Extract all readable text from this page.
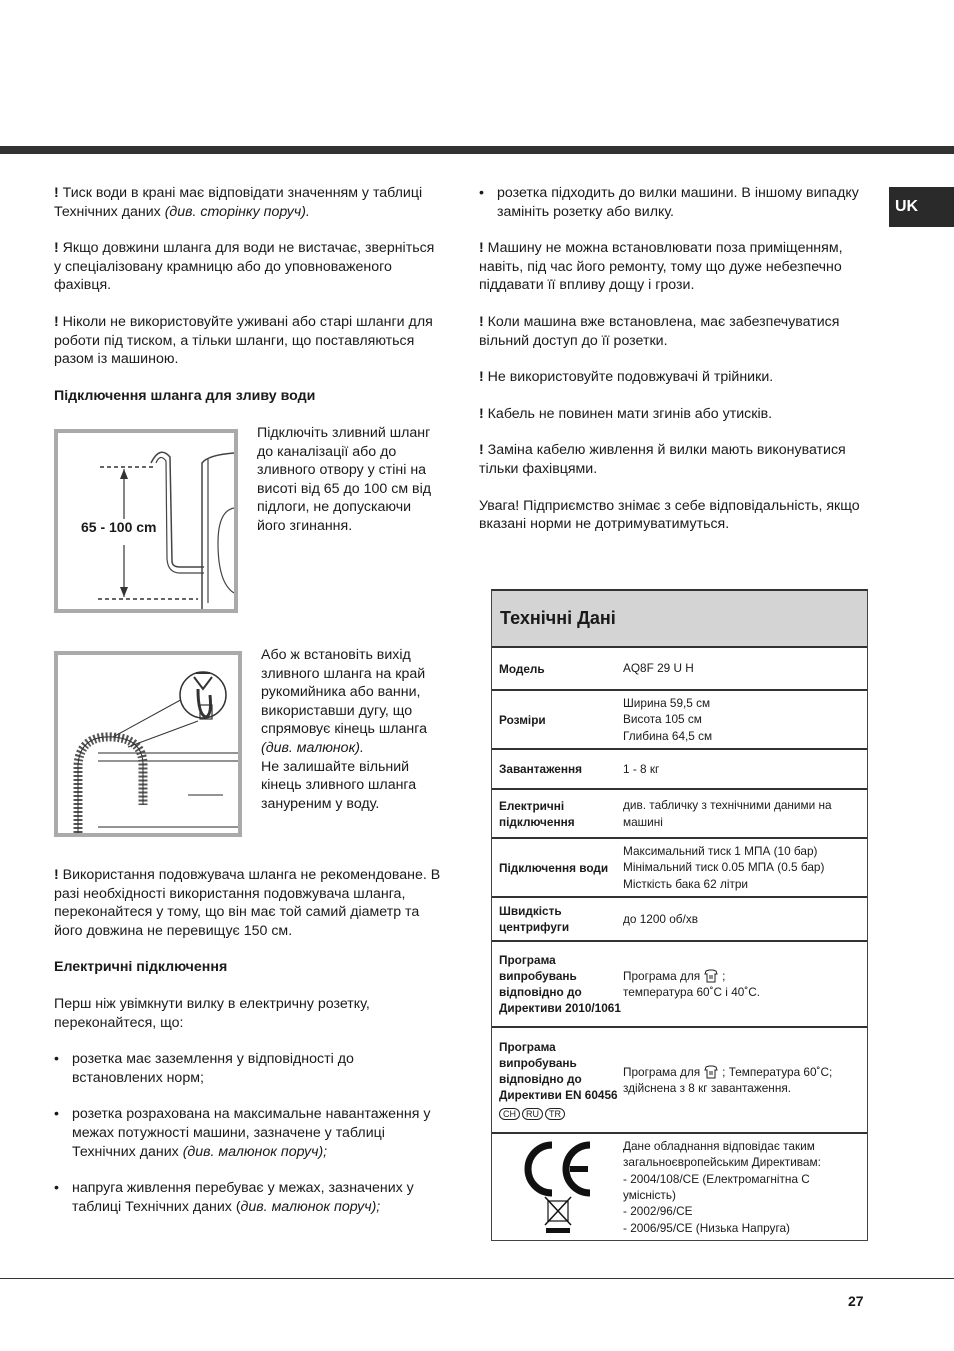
UK

! Тиск води в крані має відповідати значенням у таблиці Технічних даних (див. сторінку поруч).

! Якщо довжини шланга для води не вистачає, зверніться у спеціалізовану крамницю або до уповноваженого фахівця.

! Ніколи не використовуйте уживані або старі шланги для роботи під тиском, а тільки шланги, що поставляються разом із машиною.

Підключення шланга для зливу води

65 - 100 cm
Підключіть зливний шланг до каналізації або до зливного отвору у стіні на висоті від 65 до 100 см від підлоги, не допускаючи його згинання.
Або ж встановіть вихід зливного шланга на край рукомийника або ванни, використавши дугу, що спрямовує кінець шланга (див. малюнок).
Не залишайте вільний кінець зливного шланга зануреним у воду.

! Використання подовжувача шланга не рекомендоване. В разі необхідності використання подовжувача шланга, переконайтеся у тому, що він має той самий діаметр та його довжина не перевищує 150 см.

Електричні підключення

Перш ніж увімкнути вилку в електричну розетку, переконайтеся, що:

• розетка має заземлення у відповідності до встановлених норм;

• розетка розрахована на максимальне навантаження у межах потужності машини, зазначене у таблиці Технічних даних (див. малюнок поруч);

• напруга живлення перебуває у межах, зазначених у таблиці Технічних даних (див. малюнок поруч);

• розетка підходить до вилки машини. В іншому випадку замініть розетку або вилку.

! Машину не можна встановлювати поза приміщенням, навіть, під час його ремонту, тому що дуже небезпечно піддавати її впливу дощу і грози.

! Коли машина вже встановлена, має забезпечуватися вільний доступ до її розетки.

! Не використовуйте подовжувачі й трійники.

! Кабель не повинен мати згинів або утисків.

! Заміна кабелю живлення й вилки мають виконуватися тільки фахівцями.

Увага! Підприємство знімає з себе відповідальність, якщо вказані норми не дотримуватимуться.

Технічні Дані
Модель	AQ8F 29 U H
Розміри
Ширина 59,5 см
Висота 105 см
Глибина 64,5 см
Завантаження	1 - 8 кг
Електричні підключення
див. табличку з технічними даними на машині
Підключення води
Максимальний тиск 1 МПА (10 бар)
Мінімальний тиск 0.05 МПА (0.5 бар)
Місткість бака 62 літри
Швидкість центрифуги
до 1200 об/хв
Програма випробувань відповідно до Директиви 2010/1061
Програма для ;
температура 60˚C і 40˚C.
Програма випробувань відповідно до Директиви EN 60456
CH RU TR
Програма для ; Температура 60˚C; здійснена з 8 кг завантаження.
Дане обладнання відповідає таким загальноєвропейським Директивам:
- 2004/108/CE (Електромагнітна С умісність)
- 2002/96/CE
- 2006/95/CE (Низька Напруга)
27
